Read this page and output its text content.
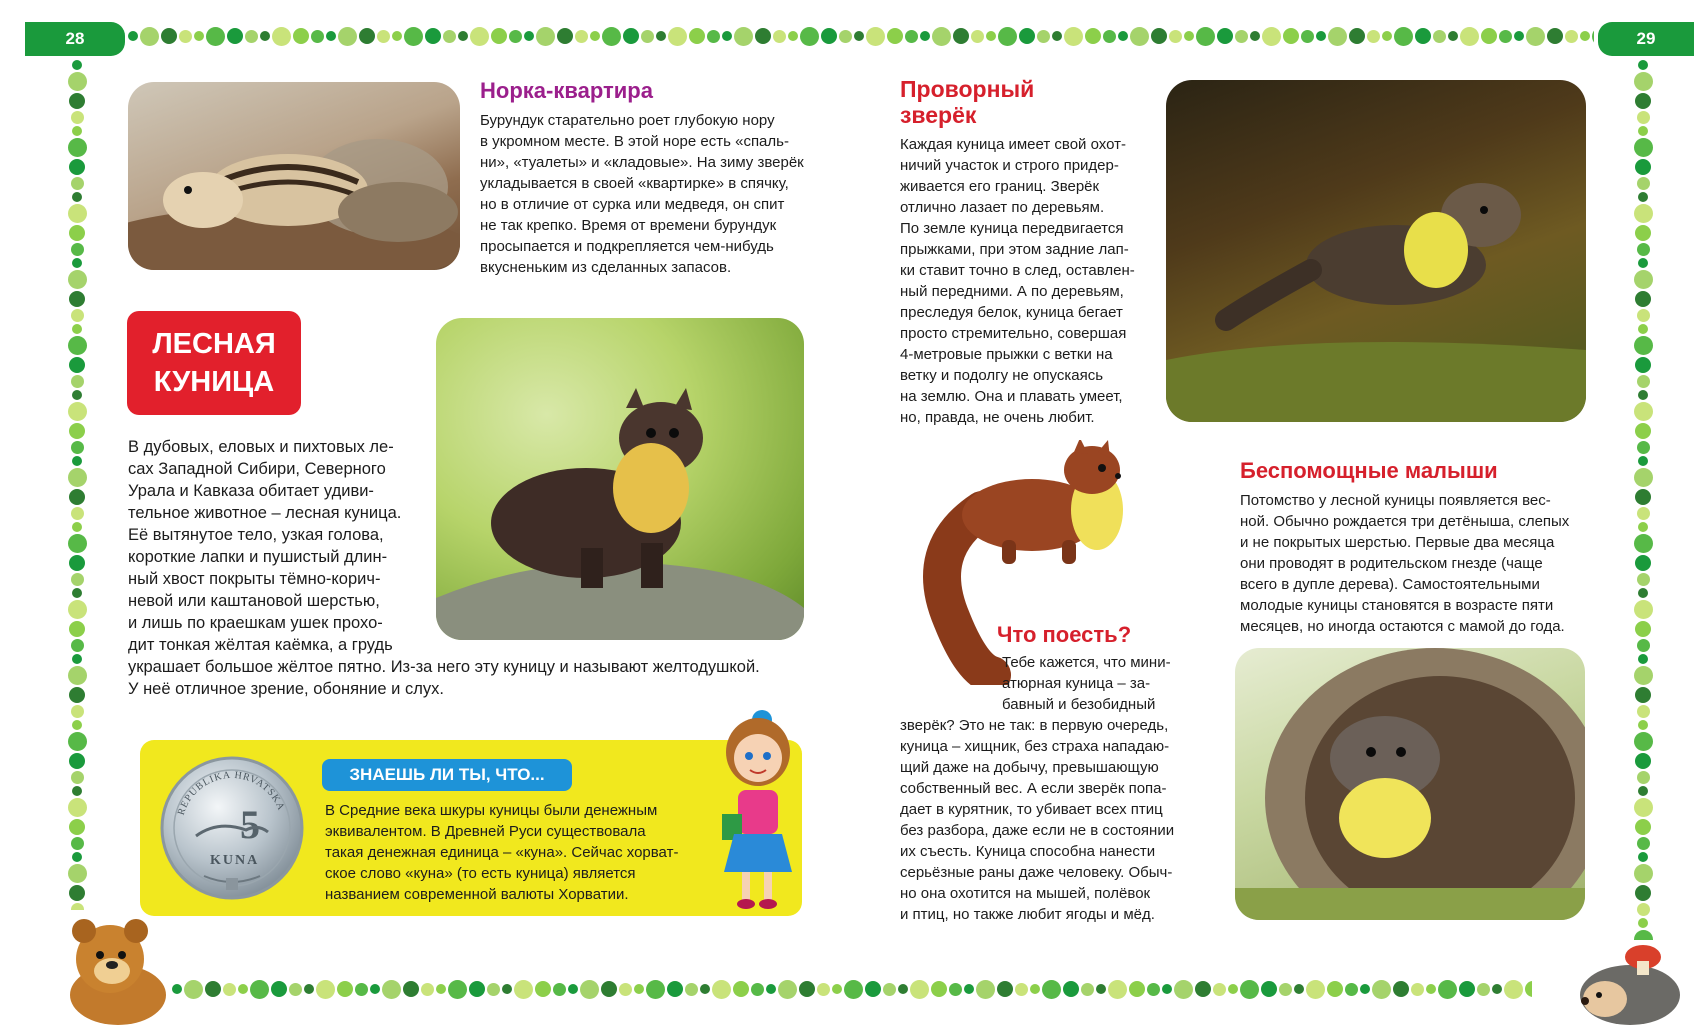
28	29
Норка-квартира
Бурундук старательно роет глубокую нору
в укромном месте. В этой норе есть «спаль-
ни», «туалеты» и «кладовые». На зиму зверёк
укладывается в своей «квартирке» в спячку,
но в отличие от сурка или медведя, он спит
не так крепко. Время от времени бурундук
просыпается и подкрепляется чем-нибудь
вкусненьким из сделанных запасов.
ЛЕСНАЯ
КУНИЦА
В дубовых, еловых и пихтовых ле-
сах Западной Сибири, Северного
Урала и Кавказа обитает удиви-
тельное животное – лесная куница.
Её вытянутое тело, узкая голова,
короткие лапки и пушистый длин-
ный хвост покрыты тёмно-корич-
невой или каштановой шерстью,
и лишь по краешкам ушек прохо-
дит тонкая жёлтая каёмка, а грудь
украшает большое жёлтое пятно. Из-за него эту куницу и называют желтодушкой.
У неё отличное зрение, обоняние и слух.
REPUBLIKA HRVATSKA
5
KUNA
ЗНАЕШЬ ЛИ ТЫ, ЧТО...
В Средние века шкуры куницы были денежным
эквивалентом. В Древней Руси существовала
такая денежная единица – «куна». Сейчас хорват-
ское слово «куна» (то есть куница) является
названием современной валюты Хорватии.
Проворный
зверёк
Каждая куница имеет свой охот-
ничий участок и строго придер-
живается его границ. Зверёк
отлично лазает по деревьям.
По земле куница передвигается
прыжками, при этом задние лап-
ки ставит точно в след, оставлен-
ный передними. А по деревьям,
преследуя белок, куница бегает
просто стремительно, совершая
4-метровые прыжки с ветки на
ветку и подолгу не опускаясь
на землю. Она и плавать умеет,
но, правда, не очень любит.
Что поесть?
Тебе кажется, что мини-
атюрная куница – за-
бавный и безобидный
зверёк? Это не так: в первую очередь,
куница – хищник, без страха нападаю-
щий даже на добычу, превышающую
собственный вес. А если зверёк попа-
дает в курятник, то убивает всех птиц
без разбора, даже если не в состоянии
их съесть. Куница способна нанести
серьёзные раны даже человеку. Обыч-
но она охотится на мышей, полёвок
и птиц, но также любит ягоды и мёд.
Беспомощные малыши
Потомство у лесной куницы появляется вес-
ной. Обычно рождается три детёныша, слепых
и не покрытых шерстью. Первые два месяца
они проводят в родительском гнезде (чаще
всего в дупле дерева). Самостоятельными
молодые куницы становятся в возрасте пяти
месяцев, но иногда остаются с мамой до года.
